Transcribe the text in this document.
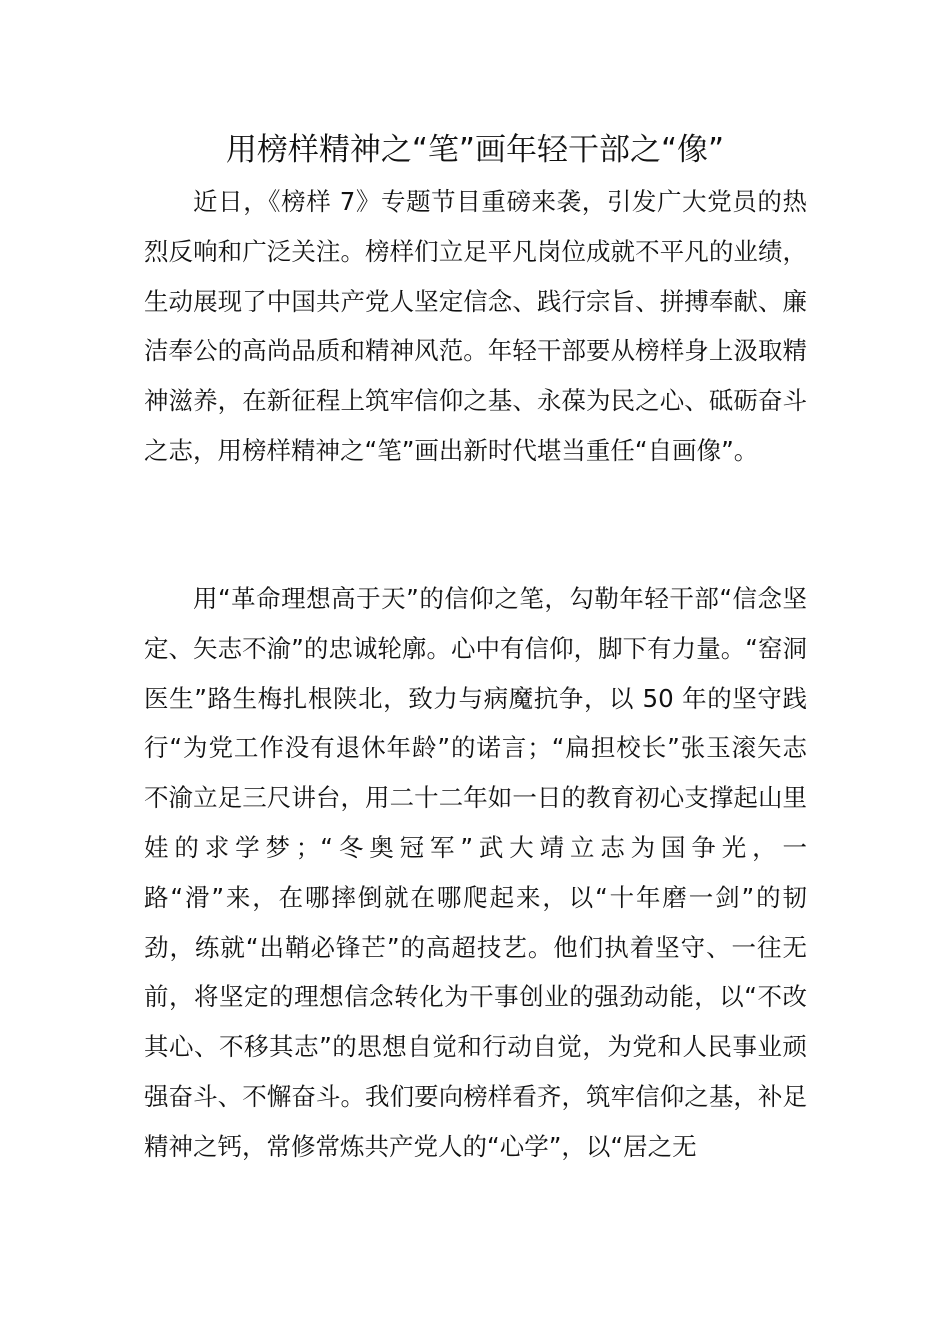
用榜样精神之“笔”画年轻干部之“像”

近日，《榜样 7》专题节目重磅来袭，引发广大党员的热烈反响和广泛关注。榜样们立足平凡岗位成就不平凡的业绩，生动展现了中国共产党人坚定信念、践行宗旨、拼搏奉献、廉洁奉公的高尚品质和精神风范。年轻干部要从榜样身上汲取精神滋养，在新征程上筑牢信仰之基、永葆为民之心、砥砺奋斗之志，用榜样精神之“笔”画出新时代堪当重任“自画像”。

用“革命理想高于天”的信仰之笔，勾勒年轻干部“信念坚定、矢志不渝”的忠诚轮廓。心中有信仰，脚下有力量。“窑洞医生”路生梅扎根陕北，致力与病魔抗争，以 50 年的坚守践行“为党工作没有退休年龄”的诺言；“扁担校长”张玉滚矢志不渝立足三尺讲台，用二十二年如一日的教育初心支撑起山里娃的求学梦；“冬奥冠军”武大靖立志为国争光，一路“滑”来，在哪摔倒就在哪爬起来，以“十年磨一剑”的韧劲，练就“出鞘必锋芒”的高超技艺。他们执着坚守、一往无前，将坚定的理想信念转化为干事创业的强劲动能，以“不改其心、不移其志”的思想自觉和行动自觉，为党和人民事业顽强奋斗、不懈奋斗。我们要向榜样看齐，筑牢信仰之基，补足精神之钙，常修常炼共产党人的“心学”，以“居之无
